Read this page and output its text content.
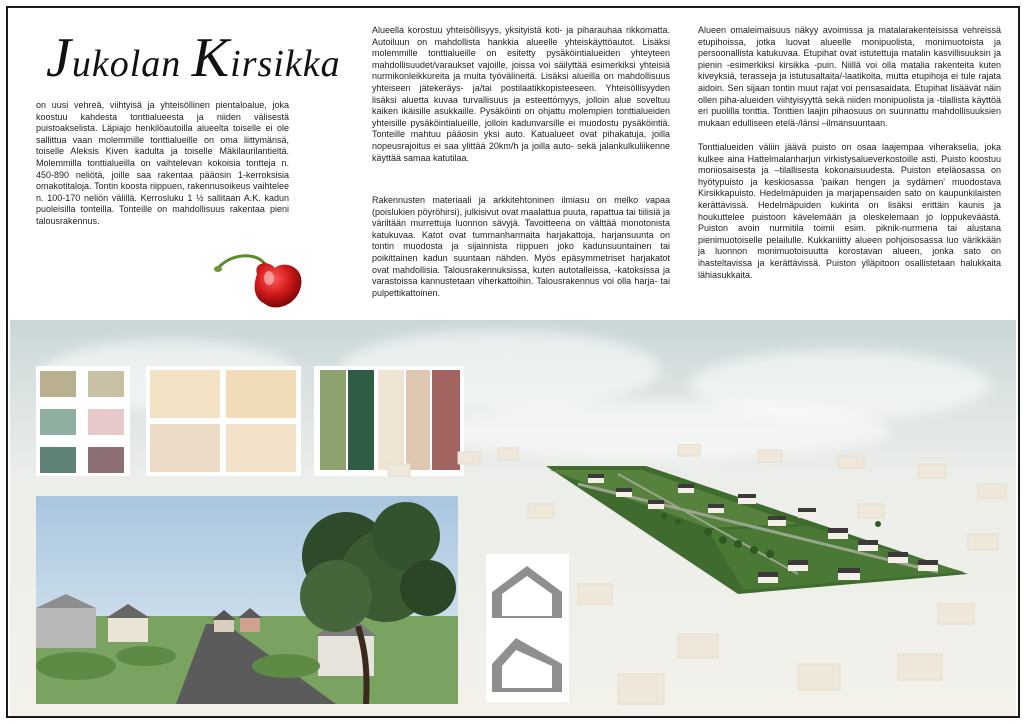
Jukolan Kirsikka

on uusi vehreä, viihtyisä ja yhteisöllinen pientaloalue, joka koostuu kahdesta tonttialueesta ja niiden välisestä puistoakselista. Läpiajo henkilöautoilla alueelta toiselle ei ole sallittua vaan molemmille tonttialueille on oma liittymänsä, toiselle Aleksis Kiven kadulta ja toiselle Mäkilaurilantieltä. Molemmilla tonttialueilla on vaihtelevan kokoisia tontteja n. 450-890 neliötä, joille saa rakentaa pääosin 1-kerroksisia omakotitaloja. Tontin koosta riippuen, rakennusoikeus vaihtelee n. 100-170 neliön välillä. Kerrosluku 1 ½ sallitaan A.K. kadun puoleisilla tonteilla. Tonteille on mahdollisuus rakentaa pieni talousrakennus.

Alueella korostuu yhteisöllisyys, yksityistä koti- ja piharauhaa rikkomatta. Autoiluun on mahdollista hankkia alueelle yhteiskäyttöautot. Lisäksi molemmille tonttialueille on esitetty pysäköintialueiden yhteyteen mahdollisuudet/varaukset vajoille, joissa voi säilyttää esimerkiksi yhteisiä nurmikonleikkureita ja muita työvälineitä. Lisäksi alueilla on mahdollisuus yhteiseen jätekeräys- ja/tai postilaatikkopisteeseen. Yhteisöllisyyden lisäksi aluetta kuvaa turvallisuus ja esteettömyys, jolloin alue soveltuu kaiken ikäisille asukkaille. Pysäköinti on ohjattu molempien tonttialueiden yhteisille pysäköintialueille, jolloin kadunvarsille ei muodostu pysäköintiä. Tonteille mahtuu pääosin yksi auto. Katualueet ovat pihakatuja, joilla nopeusrajoitus ei saa ylittää 20km/h ja joilla auto- sekä jalankulkuliikenne käyttää samaa katutilaa.

Rakennusten materiaali ja arkkitehtoninen ilmiasu on melko vapaa (poislukien pöyröhirsi), julkisivut ovat maalattua puuta, rapattua tai tiilisiä ja väriltään murrettuja luonnon sävyjä. Tavoitteena on välttää monotonista katukuvaa. Katot ovat tummanharmaita harjakattoja, harjansuunta on tontin muodosta ja sijainnista riippuen joko kadunsuuntainen tai poikittainen kadun suuntaan nähden. Myös epäsymmetriset harjakatot ovat mahdollisia. Talousrakennuksissa, kuten autotalleissa, -katoksissa ja varastoissa kannustetaan viherkattoihin. Talousrakennus voi olla harja- tai pulpettikattoinen.

Alueen omaleimaisuus näkyy avoimissa ja matalarakenteisissa vehreissä etupihoissa, jotka luovat alueelle monipuolista, monimuotoista ja persoonallista katukuvaa. Etupihat ovat istutettuja matalin kasvillisuuksin ja pienin -esimerkiksi kirsikka -puin. Niillä voi olla matalia rakenteita kuten kiveyksiä, terasseja ja istutusaltaita/-laatikoita, mutta etupihoja ei tule rajata aidoin. Sen sijaan tontin muut rajat voi pensasaidata. Etupihat lisäävät näin ollen piha-alueiden viihtyisyyttä sekä niiden monipuolista ja -tilallista käyttöä eri puolilla tonttia. Tonttien laajin pihaosuus on suunnattu mahdollisuuksien mukaan edulliseen etelä-/länsi –ilmansuuntaan.

Tonttialueiden väliin jäävä puisto on osaa laajempaa viherakselia, joka kulkee aina Hattelmalanharjun virkistysalueverkostoille asti. Puisto koostuu moniosaisesta ja –tilallisesta kokonaisuudesta. Puiston eteläosassa on hyötypuisto ja keskiosassa 'paikan hengen ja sydämen' muodostava Kirsikkapuisto. Hedelmäpuiden ja marjapensaiden sato on kaupunkilaisten kerättävissä. Hedelmäpuiden kukinta on lisäksi erittäin kaunis ja houkuttelee puistoon kävelemään ja oleskelemaan jo loppukeväästä. Puiston avoin nurmitila toimii esim. piknik-nurmena tai alustana pienimuotoiselle pelailulle. Kukkaniitty alueen pohjoisosassa luo värikkään ja luonnon monimuotoisuutta korostavan alueen, jonka sato on ihasteltavissa ja kerättävissä. Puiston ylläpitoon osallistetaan halukkaita lähiasukkaita.
